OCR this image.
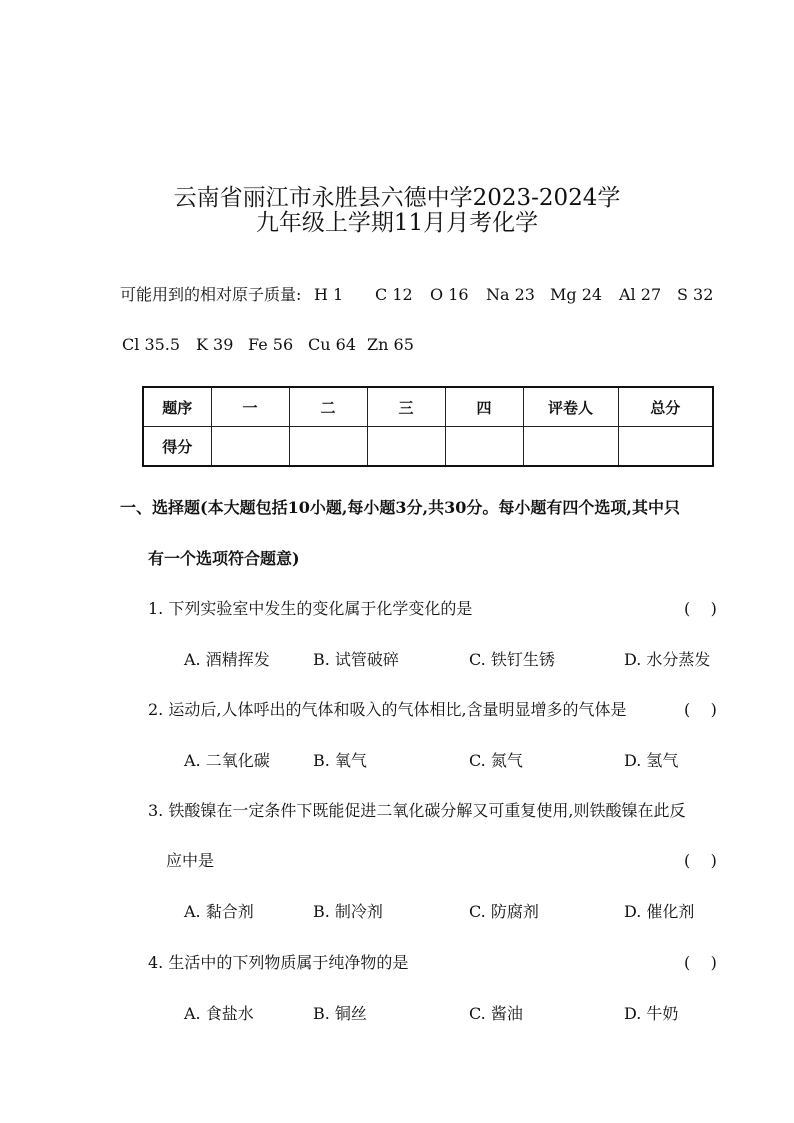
云南省丽江市永胜县六德中学2023-2024学
九年级上学期11月月考化学
可能用到的相对原子质量: H 1 C 12 O 16 Na 23 Mg 24 Al 27 S 32
Cl 35.5 K 39 Fe 56 Cu 64 Zn 65
题序	一	二	三	四	评卷人	总分
得分						
一、选择题(本大题包括10小题,每小题3分,共30分。每小题有四个选项,其中只
有一个选项符合题意)
1. 下列实验室中发生的变化属于化学变化的是	(    )
A. 酒精挥发	B. 试管破碎	C. 铁钉生锈	D. 水分蒸发
2. 运动后,人体呼出的气体和吸入的气体相比,含量明显增多的气体是	(    )
A. 二氧化碳	B. 氧气	C. 氮气	D. 氢气
3. 铁酸镍在一定条件下既能促进二氧化碳分解又可重复使用,则铁酸镍在此反
应中是	(    )
A. 黏合剂	B. 制冷剂	C. 防腐剂	D. 催化剂
4. 生活中的下列物质属于纯净物的是	(    )
A. 食盐水	B. 铜丝	C. 酱油	D. 牛奶
